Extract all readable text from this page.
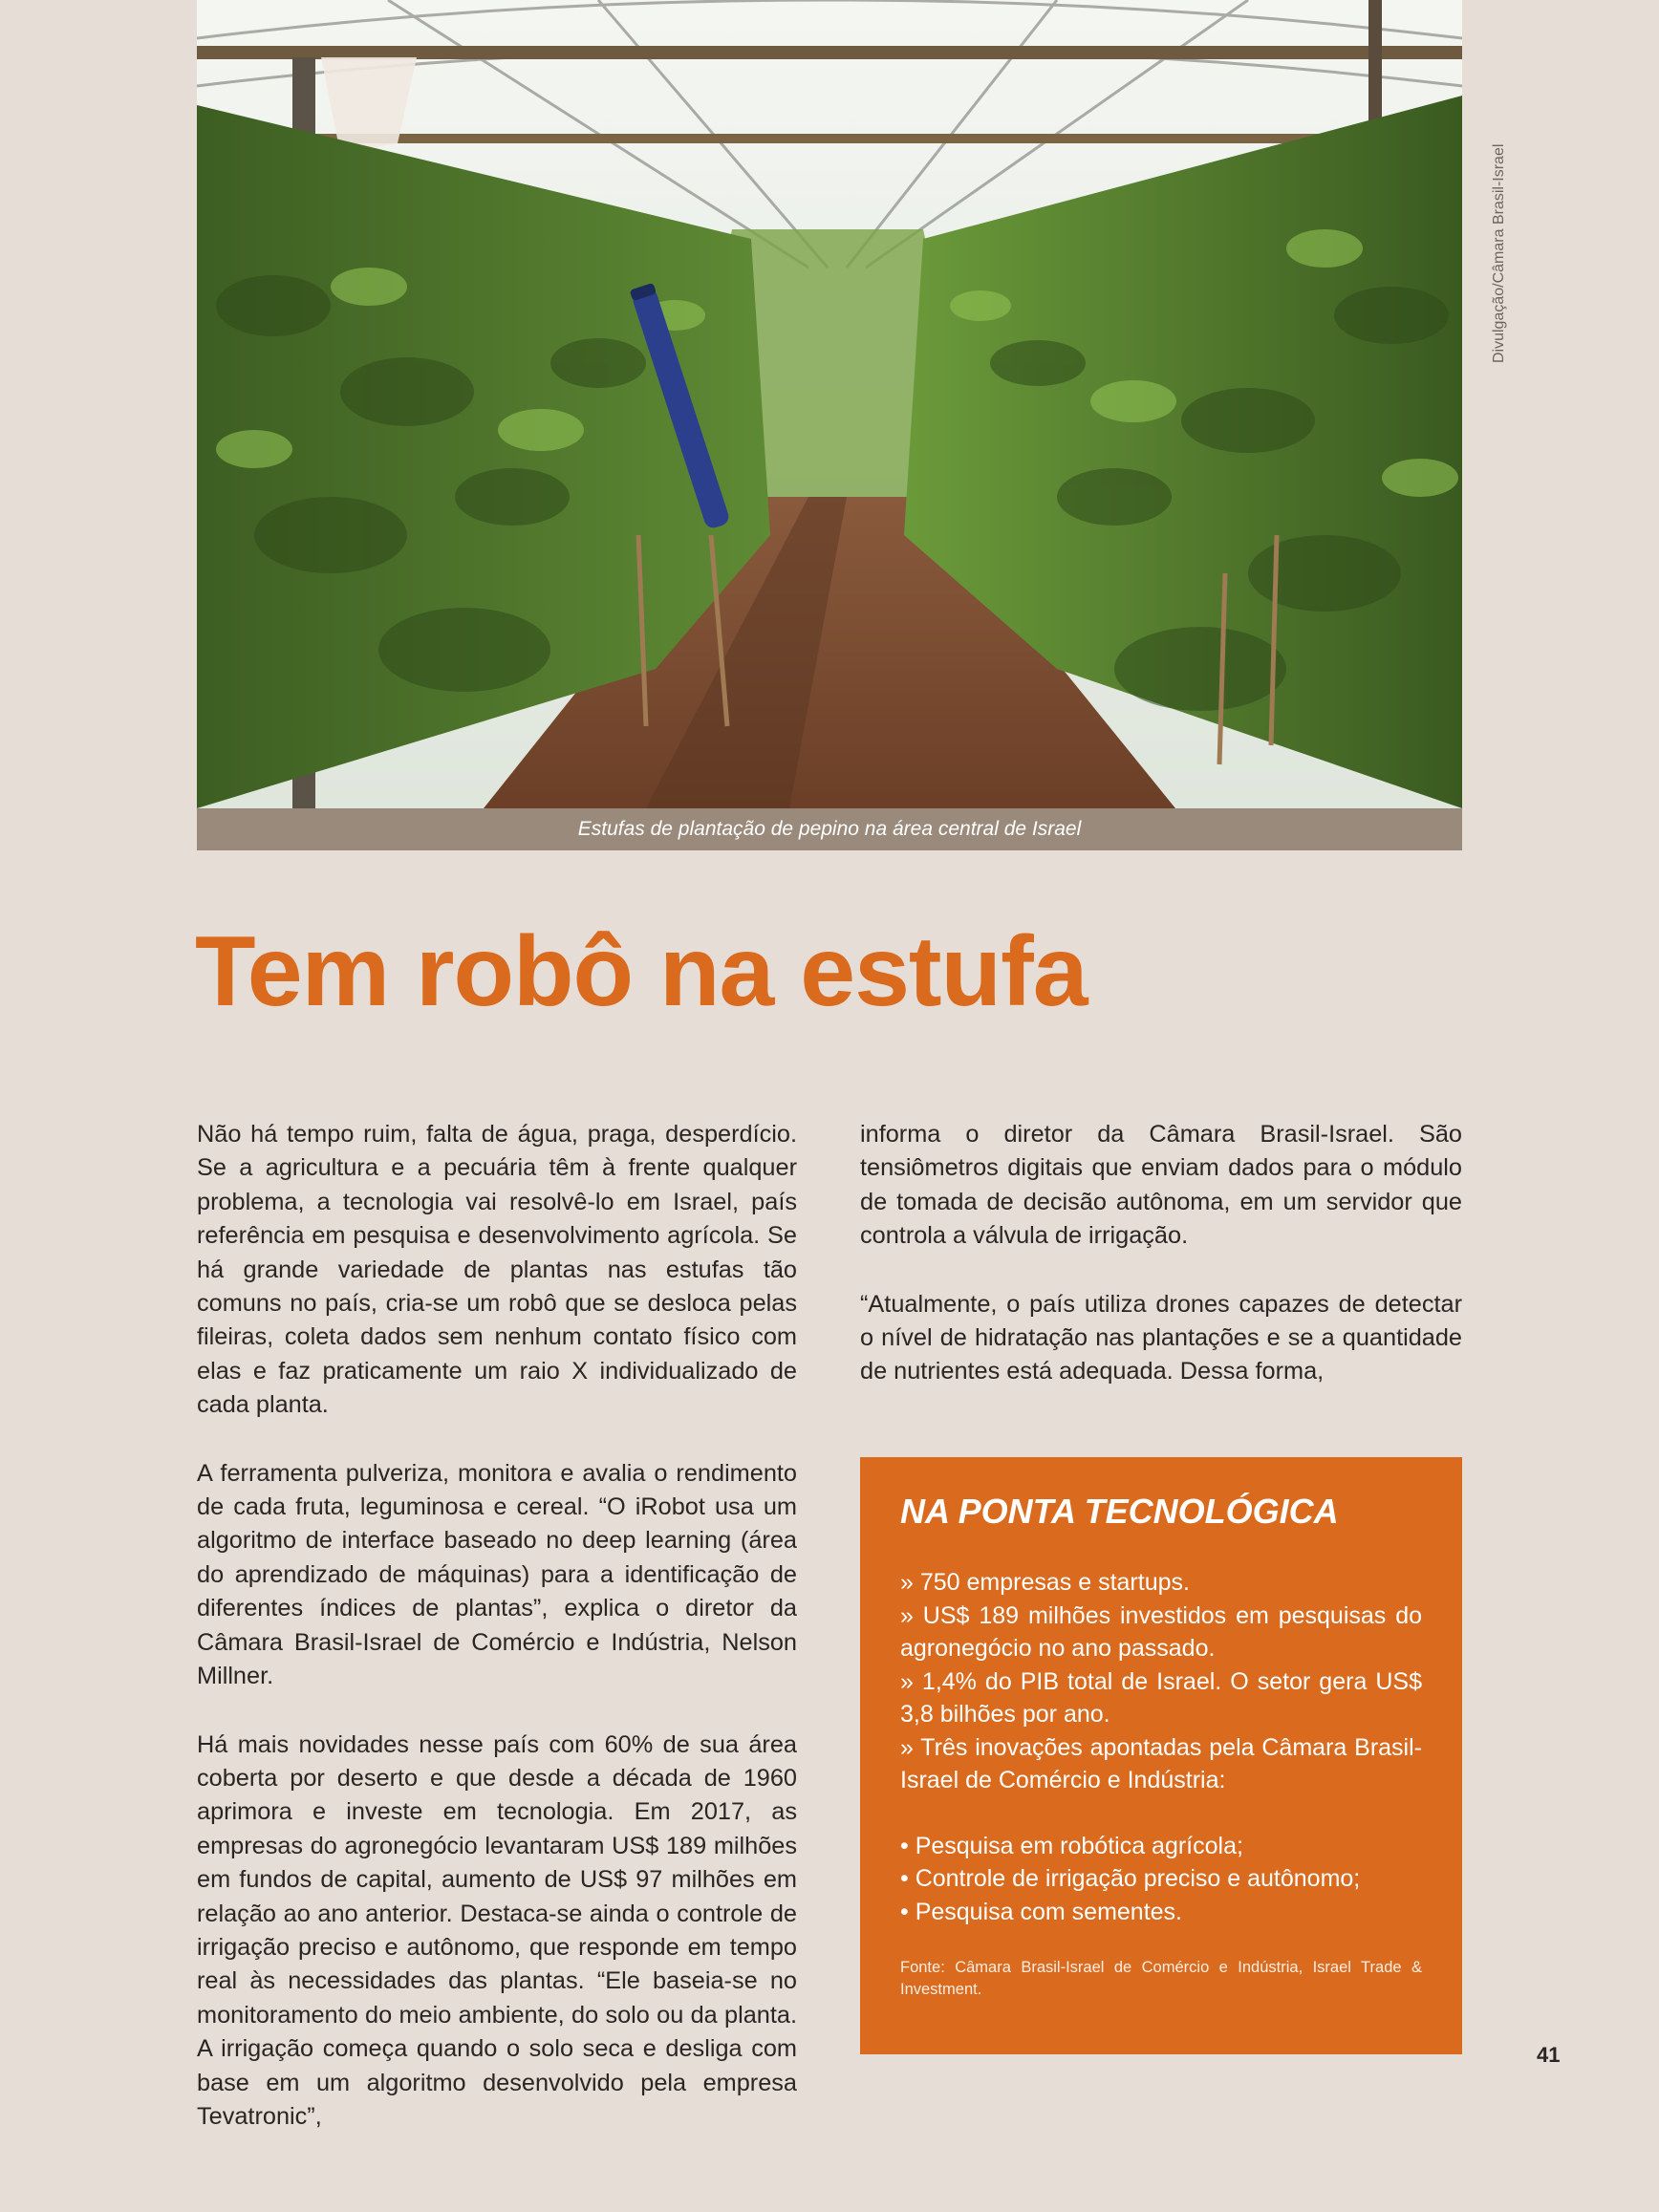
Divulgação/Câmara Brasil-Israel
Estufas de plantação de pepino na área central de Israel
Tem robô na estufa

Não há tempo ruim, falta de água, praga, desperdício. Se a agricultura e a pecuária têm à frente qualquer problema, a tecnologia vai resolvê-lo em Israel, país referência em pesquisa e desenvolvimento agrícola. Se há grande variedade de plantas nas estufas tão comuns no país, cria-se um robô que se desloca pelas fileiras, coleta dados sem nenhum contato físico com elas e faz praticamente um raio X individualizado de cada planta.

A ferramenta pulveriza, monitora e avalia o rendimento de cada fruta, leguminosa e cereal. “O iRobot usa um algoritmo de interface baseado no deep learning (área do aprendizado de máquinas) para a identificação de diferentes índices de plantas”, explica o diretor da Câmara Brasil-Israel de Comércio e Indústria, Nelson Millner.

Há mais novidades nesse país com 60% de sua área coberta por deserto e que desde a década de 1960 aprimora e investe em tecnologia. Em 2017, as empresas do agronegócio levantaram US$ 189 milhões em fundos de capital, aumento de US$ 97 milhões em relação ao ano anterior. Destaca-se ainda o controle de irrigação preciso e autônomo, que responde em tempo real às necessidades das plantas. “Ele baseia-se no monitoramento do meio ambiente, do solo ou da planta. A irrigação começa quando o solo seca e desliga com base em um algoritmo desenvolvido pela empresa Tevatronic”,

informa o diretor da Câmara Brasil-Israel. São tensiômetros digitais que enviam dados para o módulo de tomada de decisão autônoma, em um servidor que controla a válvula de irrigação.

“Atualmente, o país utiliza drones capazes de detectar o nível de hidratação nas plantações e se a quantidade de nutrientes está adequada. Dessa forma,

NA PONTA TECNOLÓGICA
» 750 empresas e startups.
» US$ 189 milhões investidos em pesquisas do agronegócio no ano passado.
» 1,4% do PIB total de Israel. O setor gera US$ 3,8 bilhões por ano.
» Três inovações apontadas pela Câmara Brasil-Israel de Comércio e Indústria:
• Pesquisa em robótica agrícola;
• Controle de irrigação preciso e autônomo;
• Pesquisa com sementes.
Fonte: Câmara Brasil-Israel de Comércio e Indústria, Israel Trade & Investment.
41
